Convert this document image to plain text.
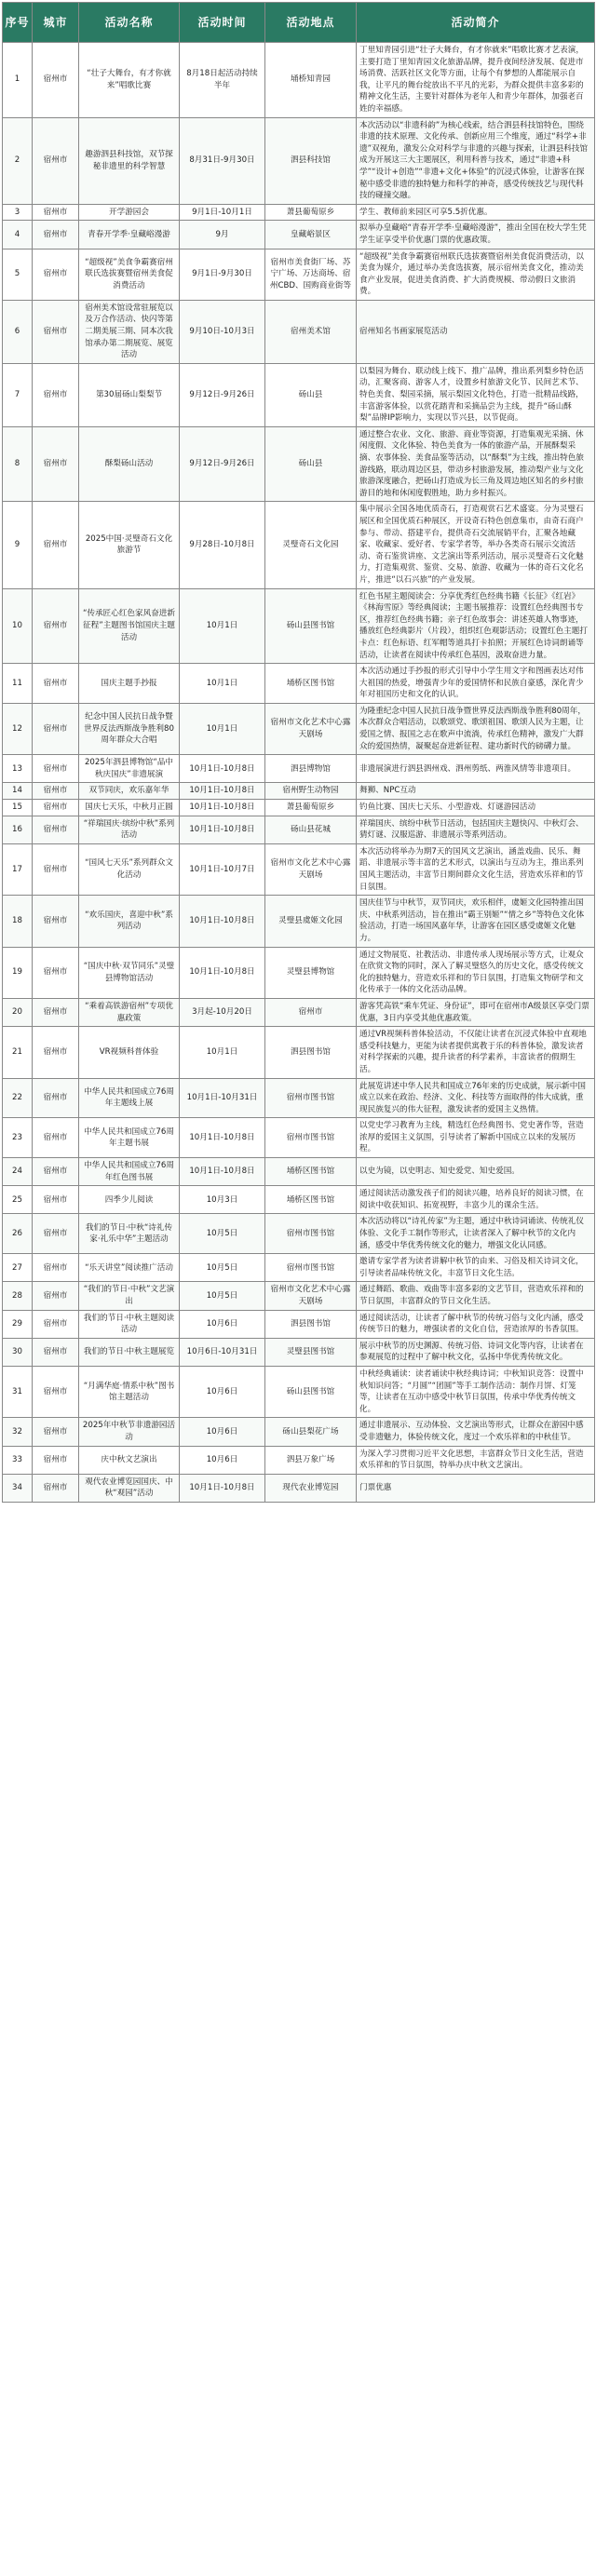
序号	城市	活动名称	活动时间	活动地点	活动简介
1	宿州市	“壮子大舞台，有才你就来”唱歌比赛	8月18日起活动持续半年	埇桥知青园	丁里知青园引进“壮子大舞台，有才你就来”唱歌比赛才艺表演，主要打造丁里知青园文化旅游品牌，提升夜间经济发展、促进市场消费、活跃社区文化等方面，让每个有梦想的人都能展示自我，让平凡的舞台绽放出不平凡的光彩，为群众提供丰富多彩的精神文化生活，主要针对群体为老年人和青少年群体，加强老百姓的幸福感。
2	宿州市	趣游泗县科技馆，双节探秘非遗里的科学智慧	8月31日-9月30日	泗县科技馆	本次活动以“非遗科韵”为核心线索，结合泗县科技馆特色，围绕非遗的技术原理、文化传承、创新应用三个维度，通过“科学+非遗”双视角，激发公众对科学与非遗的兴趣与探索，让泗县科技馆成为开展这三大主题展区，利用科普与技术，通过“非遗+科学”“设计+创造”“非遗+文化+体验”的沉浸式体验，让游客在探秘中感受非遗的独特魅力和科学的神奇，感受传统技艺与现代科技的碰撞交融。
3	宿州市	开学游园会	9月1日-10月1日	萧县葡萄原乡	学生、教师前来园区可享5.5折优惠。
4	宿州市	青春开学季·皇藏峪漫游	9月	皇藏峪景区	拟举办皇藏峪“青春开学季·皇藏峪漫游”，推出全国在校大学生凭学生证享受半价优惠门票的优惠政策。
5	宿州市	“超级视”美食争霸赛宿州联氏选拔赛暨宿州美食促消费活动	9月1日-9月30日	宿州市美食街厂场、苏宁广场、万达商场、宿州CBD、国购商业街等	“超级视”美食争霸赛宿州联氏选拔赛暨宿州美食促消费活动，以美食为媒介，通过举办美食选拔赛，展示宿州美食文化，推动美食产业发展，促进美食消费、扩大消费规模、带动假日文旅消费。
6	宿州市	宿州美术馆设常驻展览以及万合作活动、快闪等第二期美展三期、同本次我馆承办第二期展览、展览活动	9月10日-10月3日	宿州美术馆	宿州知名书画家展览活动
7	宿州市	第30届砀山梨梨节	9月12日-9月26日	砀山县	以梨园为舞台、联动线上线下、推广品牌，推出系列梨乡特色活动，汇聚客商、游客人才，设置乡村旅游文化节、民间艺术节、特色美食、梨园采摘，展示梨园文化特色，打造一批精品线路，丰富游客体验，以赏花踏青和采摘品尝为主线，提升“砀山酥梨”品牌IP影响力，实现以节兴县，以节促商。
8	宿州市	酥梨砀山活动	9月12日-9月26日	砀山县	通过整合农业、文化、旅游、商业等资源，打造集观光采摘、休闲度假、文化体验、特色美食为一体的旅游产品，开展酥梨采摘、农事体验、美食品鉴等活动，以“酥梨”为主线，推出特色旅游线路，联动周边区县，带动乡村旅游发展，推动梨产业与文化旅游深度融合，把砀山打造成为长三角及周边地区知名的乡村旅游目的地和休闲度假胜地，助力乡村振兴。
9	宿州市	2025中国·灵璧奇石文化旅游节	9月28日-10月8日	灵璧奇石文化园	集中展示全国各地优质奇石，打造观赏石艺术盛宴。分为灵璧石展区和全国优质石种展区，开设奇石特色创意集市，由奇石商户参与、带动、搭建平台，提供奇石交流展销平台，汇聚各地藏家、收藏家、爱好者、专家学者等，举办各类奇石展示交流活动、奇石鉴赏讲座、文艺演出等系列活动，展示灵璧奇石文化魅力，打造集观赏、鉴赏、交易、旅游、收藏为一体的奇石文化名片，推进“以石兴旅”的产业发展。
10	宿州市	“传承匠心红色家风奋进新征程”主题图书馆国庆主题活动	10月1日	砀山县图书馆	红色书屋主题阅读会：分享优秀红色经典书籍《长征》《红岩》《林海雪原》等经典阅读；主题书展推荐：设置红色经典图书专区，推荐红色经典书籍；亲子红色故事会：讲述英雄人物事迹，播放红色经典影片（片段），组织红色观影活动；设置红色主题打卡点：红色标语、红军帽等道具打卡拍照；开展红色诗词朗诵等活动，让读者在阅读中传承红色基因，汲取奋进力量。
11	宿州市	国庆主题手抄报	10月1日	埇桥区图书馆	本次活动通过手抄报的形式引导中小学生用文字和图画表达对伟大祖国的热爱，增强青少年的爱国情怀和民族自豪感，深化青少年对祖国历史和文化的认识。
12	宿州市	纪念中国人民抗日战争暨世界反法西斯战争胜利80周年群众大合唱	10月1日	宿州市文化艺术中心露天剧场	为隆重纪念中国人民抗日战争暨世界反法西斯战争胜利80周年，本次群众合唱活动，以歌颂党、歌颂祖国、歌颂人民为主题，让爱国之情、报国之志在歌声中流淌，传承红色精神，激发广大群众的爱国热情，凝聚起奋进新征程、建功新时代的磅礴力量。
13	宿州市	2025年泗县博物馆“品中秋庆国庆”非遗展演	10月1日-10月8日	泗县博物馆	非遗展演进行泗县泗州戏、泗州剪纸、两淮风情等非遗项目。
14	宿州市	双节同庆，欢乐嘉年华	10月1日-10月8日	宿州野生动物园	舞狮、NPC互动
15	宿州市	国庆七天乐，中秋月正圆	10月1日-10月8日	萧县葡萄原乡	钓鱼比赛、国庆七天乐、小型游戏、灯谜游园活动
16	宿州市	“祥瑞国庆·缤纷中秋”系列活动	10月1日-10月8日	砀山县花城	祥瑞国庆、缤纷中秋节日活动，包括国庆主题快闪、中秋灯会、猜灯谜、汉服巡游、非遗展示等系列活动。
17	宿州市	“国风七天乐”系列群众文化活动	10月1日-10月7日	宿州市文化艺术中心露天剧场	本次活动将举办为期7天的国风文艺演出，涵盖戏曲、民乐、舞蹈、非遗展示等丰富的艺术形式，以演出与互动为主，推出系列国风主题活动，丰富节日期间群众文化生活，营造欢乐祥和的节日氛围。
18	宿州市	“欢乐国庆，喜迎中秋”系列活动	10月1日-10月8日	灵璧县虞姬文化园	国庆佳节与中秋节，双节同庆，欢乐相伴，虞姬文化园特推出国庆、中秋系列活动，旨在推出“霸王别姬”“情之乡”等特色文化体验活动，打造一场国风嘉年华，让游客在园区感受虞姬文化魅力。
19	宿州市	“国庆中秋·双节同乐”灵璧县博物馆活动	10月1日-10月8日	灵璧县博物馆	通过文物展览、社教活动、非遗传承人现场展示等方式，让观众在欣赏文物的同时，深入了解灵璧悠久的历史文化，感受传统文化的独特魅力，营造欢乐祥和的节日氛围，打造集文物研学和文化传承于一体的文化活动品牌。
20	宿州市	“乘着高铁游宿州”专项优惠政策	3月起-10月20日	宿州市	游客凭高铁“乘车凭证、身份证”，即可在宿州市A级景区享受门票优惠，3日内享受其他优惠政策。
21	宿州市	VR视频科普体验	10月1日	泗县图书馆	通过VR视频科普体验活动，不仅能让读者在沉浸式体验中直观地感受科技魅力，更能为读者提供寓教于乐的科普体验，激发读者对科学探索的兴趣，提升读者的科学素养，丰富读者的假期生活。
22	宿州市	中华人民共和国成立76周年主题线上展	10月1日-10月31日	宿州市图书馆	此展览讲述中华人民共和国成立76年来的历史成就，展示新中国成立以来在政治、经济、文化、科技等方面取得的伟大成就，重现民族复兴的伟大征程，激发读者的爱国主义热情。
23	宿州市	中华人民共和国成立76周年主题书展	10月1日-10月8日	宿州市图书馆	以党史学习教育为主线，精选红色经典图书、党史著作等，营造浓厚的爱国主义氛围，引导读者了解新中国成立以来的发展历程。
24	宿州市	中华人民共和国成立76周年红色图书展	10月1日-10月8日	埇桥区图书馆	以史为镜，以史明志、知史爱党、知史爱国。
25	宿州市	四季少儿阅读	10月3日	埇桥区图书馆	通过阅读活动激发孩子们的阅读兴趣，培养良好的阅读习惯，在阅读中收获知识、拓宽视野，丰富少儿的课余生活。
26	宿州市	我们的节日·中秋“诗礼传家·礼乐中华”主题活动	10月5日	宿州市图书馆	本次活动将以“诗礼传家”为主题，通过中秋诗词诵读、传统礼仪体验、文化手工制作等形式，让读者深入了解中秋节的文化内涵，感受中华优秀传统文化的魅力，增强文化认同感。
27	宿州市	“乐天讲堂”阅读推广活动	10月5日	宿州市图书馆	邀请专家学者为读者讲解中秋节的由来、习俗及相关诗词文化，引导读者品味传统文化，丰富节日文化生活。
28	宿州市	“我们的节日·中秋”文艺演出	10月5日	宿州市文化艺术中心露天剧场	通过舞蹈、歌曲、戏曲等丰富多彩的文艺节目，营造欢乐祥和的节日氛围，丰富群众的节日文化生活。
29	宿州市	我们的节日·中秋主题阅读活动	10月6日	泗县图书馆	通过阅读活动，让读者了解中秋节的传统习俗与文化内涵，感受传统节日的魅力，增强读者的文化自信，营造浓厚的书香氛围。
30	宿州市	我们的节日·中秋主题展览	10月6日-10月31日	灵璧县图书馆	展示中秋节的历史渊源、传统习俗、诗词文化等内容，让读者在参观展览的过程中了解中秋文化，弘扬中华优秀传统文化。
31	宿州市	“月满华庭·情系中秋”图书馆主题活动	10月6日	砀山县图书馆	中秋经典诵读：读者诵读中秋经典诗词；中秋知识竞答：设置中秋知识问答；“月圆”“团圆”等手工制作活动：制作月饼、灯笼等，让读者在互动中感受中秋节日氛围，传承中华优秀传统文化。
32	宿州市	2025年中秋节非遗游园活动	10月6日	砀山县梨花广场	通过非遗展示、互动体验、文艺演出等形式，让群众在游园中感受非遗魅力，体验传统文化，度过一个欢乐祥和的中秋佳节。
33	宿州市	庆中秋文艺演出	10月6日	泗县万象广场	为深入学习贯彻习近平文化思想，丰富群众节日文化生活，营造欢乐祥和的节日氛围，特举办庆中秋文艺演出。
34	宿州市	观代农业博览园国庆、中秋“观园”活动	10月1日-10月8日	现代农业博览园	门票优惠
